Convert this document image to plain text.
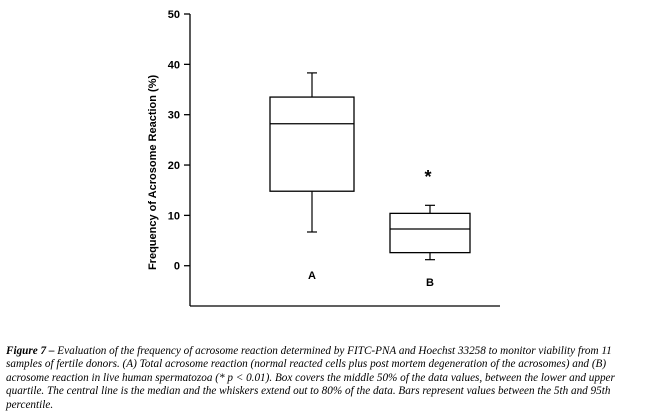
0
10
20
30
40
50
Frequency of Acrosome Reaction (%)
A
B
*
Figure 7 – Evaluation of the frequency of acrosome reaction determined by FITC-PNA and Hoechst 33258 to monitor viability from 11 samples of fertile donors. (A) Total acrosome reaction (normal reacted cells plus post mortem degeneration of the acrosomes) and (B) acrosome reaction in live human spermatozoa (* p < 0.01). Box covers the middle 50% of the data values, between the lower and upper quartile. The central line is the median and the whiskers extend out to 80% of the data. Bars represent values between the 5th and 95th percentile.
